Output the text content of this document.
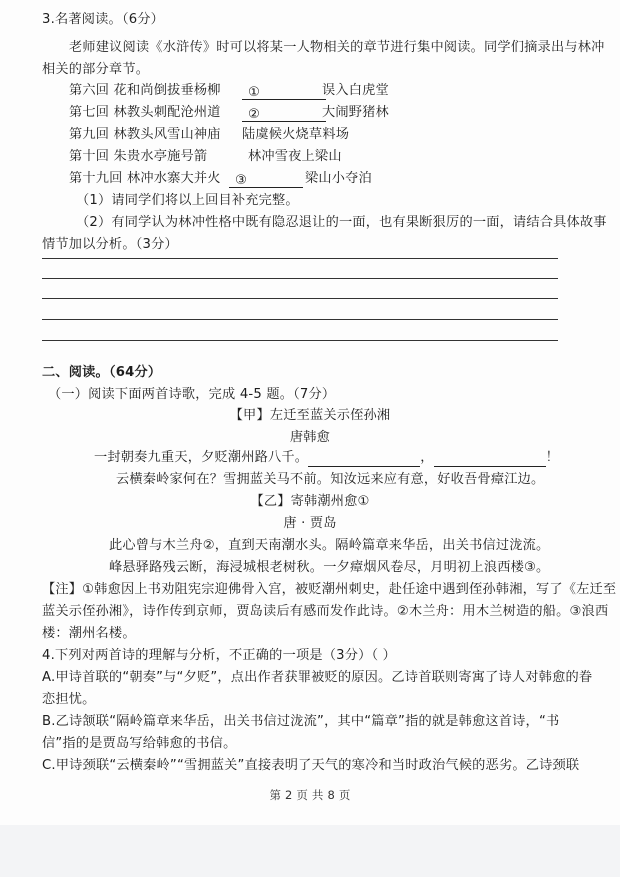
3.名著阅读。（6分）
老师建议阅读《水浒传》时可以将某一人物相关的章节进行集中阅读。同学们摘录出与林冲
相关的部分章节。
第六回 花和尚倒拔垂杨柳	①	误入白虎堂
第七回 林教头刺配沧州道	②	大闹野猪林
第九回 林教头风雪山神庙 陆虞候火烧草料场
第十回 朱贵水亭施号箭	林冲雪夜上梁山
第十九回 林冲水寨大并火	③	梁山小夺泊
（1）请同学们将以上回目补充完整。
（2）有同学认为林冲性格中既有隐忍退让的一面，也有果断狠厉的一面，请结合具体故事
情节加以分析。（3分）
二、阅读。（64分）
（一）阅读下面两首诗歌，完成 4-5 题。（7分）
【甲】左迁至蓝关示侄孙湘
唐韩愈
一封朝奏九重天，夕贬潮州路八千。	，	！
云横秦岭家何在？雪拥蓝关马不前。知汝远来应有意，好收吾骨瘴江边。
【乙】寄韩潮州愈①
唐 · 贾岛
此心曾与木兰舟②，直到天南潮水头。隔岭篇章来华岳，出关书信过泷流。
峰悬驿路残云断，海浸城根老树秋。一夕瘴烟风卷尽，月明初上浪西楼③。
【注】①韩愈因上书劝阻宪宗迎佛骨入宫，被贬潮州刺史，赴任途中遇到侄孙韩湘，写了《左迁至
蓝关示侄孙湘》，诗作传到京师，贾岛读后有感而发作此诗。②木兰舟：用木兰树造的船。③浪西
楼：潮州名楼。
4.下列对两首诗的理解与分析，不正确的一项是（3分）（ ）
A.甲诗首联的“朝奏”与“夕贬”，点出作者获罪被贬的原因。乙诗首联则寄寓了诗人对韩愈的眷
恋担忧。
B.乙诗颔联“隔岭篇章来华岳，出关书信过泷流”，其中“篇章”指的就是韩愈这首诗，“书
信”指的是贾岛写给韩愈的书信。
C.甲诗颈联“云横秦岭”“雪拥蓝关”直接表明了天气的寒冷和当时政治气候的恶劣。乙诗颈联
第 2 页 共 8 页
